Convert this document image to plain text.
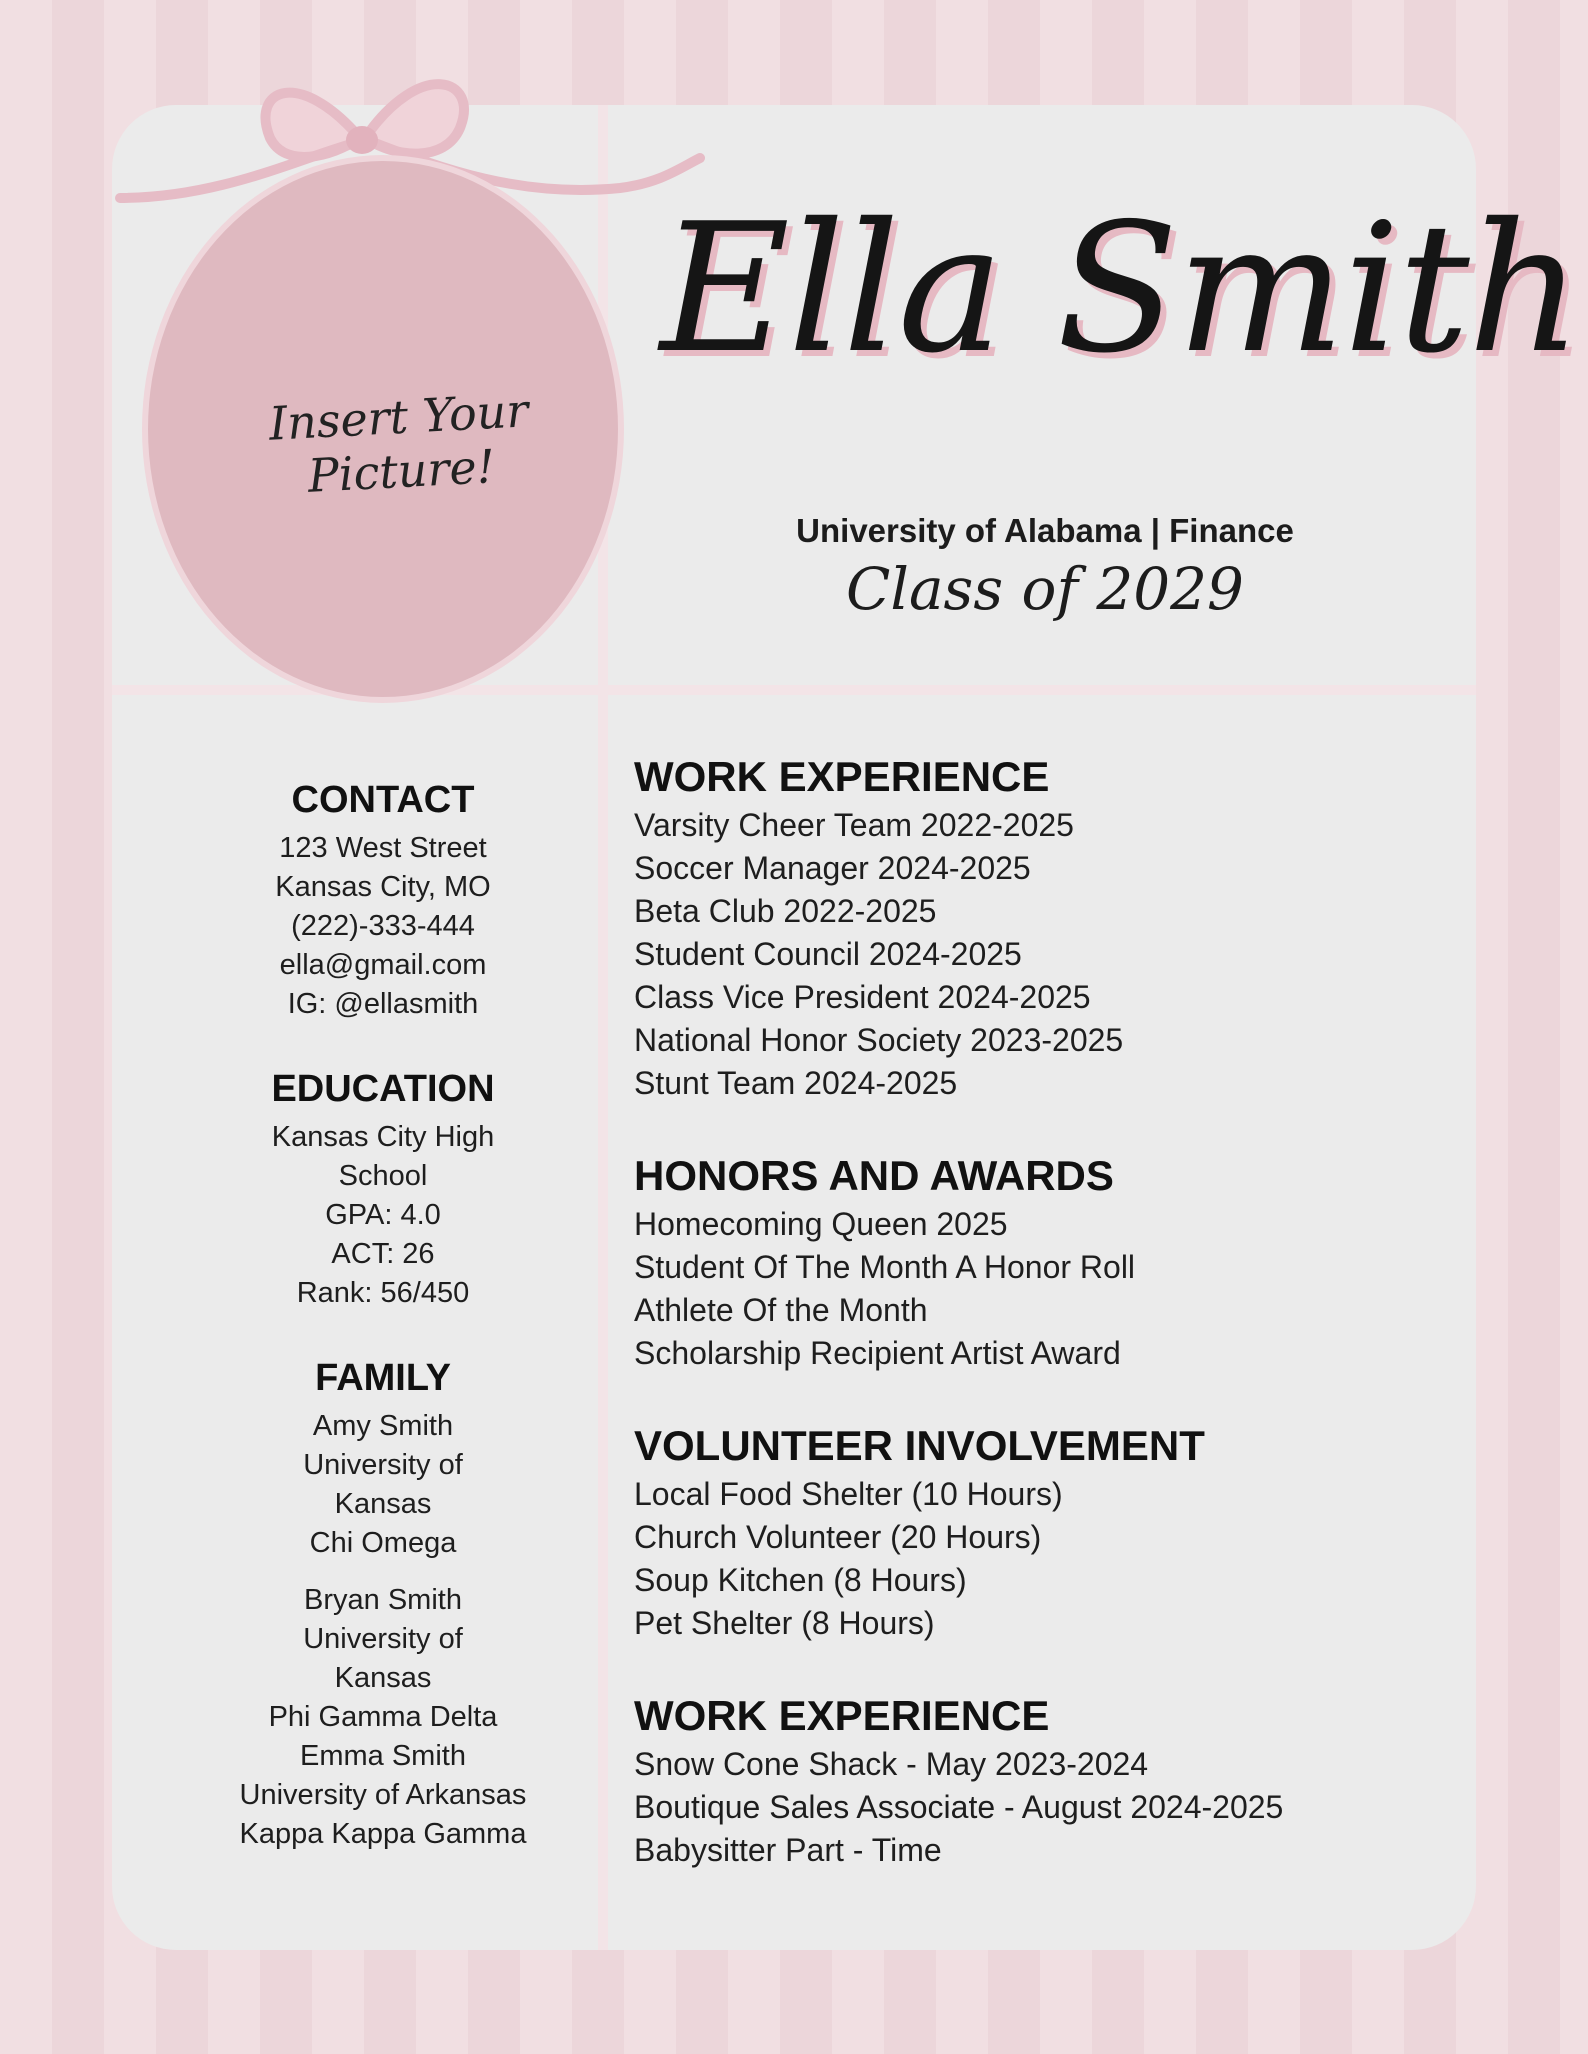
Insert Your Picture!
Ella Smith
University of Alabama | Finance
Class of 2029
CONTACT
123 West Street
Kansas City, MO
(222)-333-444
ella@gmail.com
IG: @ellasmith
EDUCATION
Kansas City High
School
GPA: 4.0
ACT: 26
Rank: 56/450
FAMILY
Amy Smith
University of
Kansas
Chi Omega
Bryan Smith
University of
Kansas
Phi Gamma Delta
Emma Smith
University of Arkansas
Kappa Kappa Gamma
WORK EXPERIENCE
Varsity Cheer Team 2022-2025
Soccer Manager 2024-2025
Beta Club 2022-2025
Student Council 2024-2025
Class Vice President 2024-2025
National Honor Society 2023-2025
Stunt Team 2024-2025
HONORS AND AWARDS
Homecoming Queen 2025
Student Of The Month A Honor Roll
Athlete Of the Month
Scholarship Recipient Artist Award
VOLUNTEER INVOLVEMENT
Local Food Shelter (10 Hours)
Church Volunteer (20 Hours)
Soup Kitchen (8 Hours)
Pet Shelter (8 Hours)
WORK EXPERIENCE
Snow Cone Shack - May 2023-2024
Boutique Sales Associate - August 2024-2025
Babysitter Part - Time
